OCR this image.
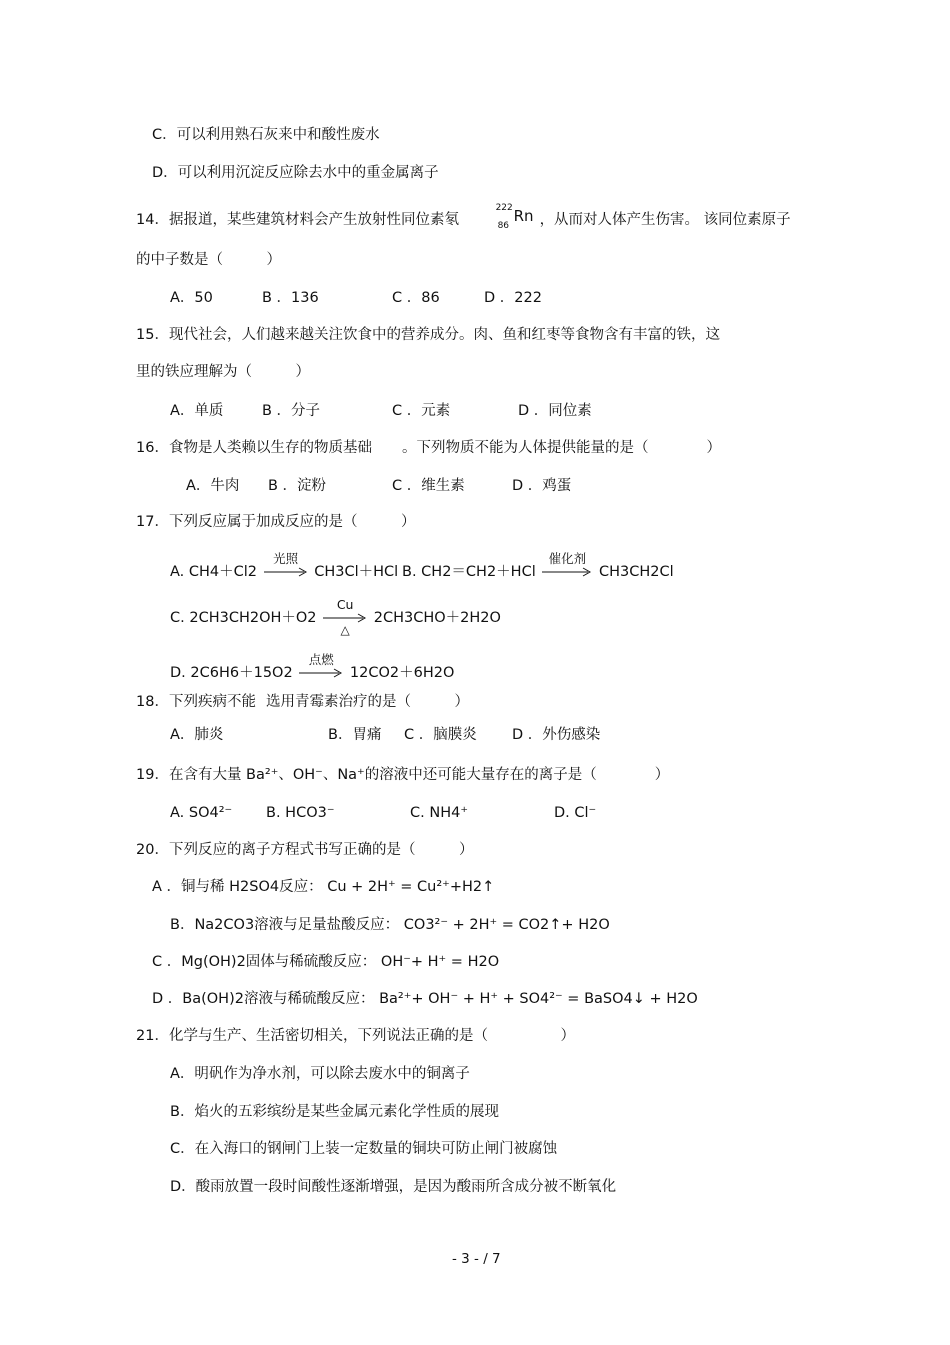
C．可以利用熟石灰来中和酸性废水
D．可以利用沉淀反应除去水中的重金属离子
14．据报道，某些建筑材料会产生放射性同位素氡
222
86
Rn ，从而对人体产生伤害。 该同位素原子
的中子数是（　　　）
A．50	B ．136	C ．86	D ．222
15．现代社会，人们越来越关注饮食中的营养成分。肉、鱼和红枣等食物含有丰富的铁，这
里的铁应理解为（　　　）
A．单质	B ．分子	C ．元素	D ．同位素
16．食物是人类赖以生存的物质基础 。下列物质不能为人体提供能量的是（　　　　）
A．牛肉 B ．淀粉	C ．维生素	D ．鸡蛋
17．下列反应属于加成反应的是（　　　）
A. CH4＋Cl2
光照
CH3Cl＋HCl B. CH2＝CH2＋HCl
催化剂
CH3CH2Cl
C. 2CH3CH2OH＋O2
Cu
△
2CH3CHO＋2H2O
D. 2C6H6＋15O2
点燃
12CO2＋6H2O
18．下列疾病不能 选用青霉素治疗的是（　　　）
A．肺炎	B．胃痛 C ．脑膜炎 D ．外伤感染
19．在含有大量 Ba²⁺、OH⁻、Na⁺的溶液中还可能大量存在的离子是（　　　　）
A. SO4²⁻ B. HCO3⁻	C. NH4⁺	D. Cl⁻
20．下列反应的离子方程式书写正确的是（　　　）
A ．铜与稀 H2SO4反应： Cu + 2H⁺ = Cu²⁺+H2↑
B．Na2CO3溶液与足量盐酸反应： CO3²⁻ + 2H⁺ = CO2↑+ H2O
C ．Mg(OH)2固体与稀硫酸反应： OH⁻+ H⁺ = H2O
D ．Ba(OH)2溶液与稀硫酸反应： Ba²⁺+ OH⁻ + H⁺ + SO4²⁻ = BaSO4↓ + H2O
21．化学与生产、生活密切相关，下列说法正确的是（　　　　　）
A．明矾作为净水剂，可以除去废水中的铜离子
B．焰火的五彩缤纷是某些金属元素化学性质的展现
C．在入海口的钢闸门上装一定数量的铜块可防止闸门被腐蚀
D．酸雨放置一段时间酸性逐渐增强，是因为酸雨所含成分被不断氧化
- 3 - / 7
